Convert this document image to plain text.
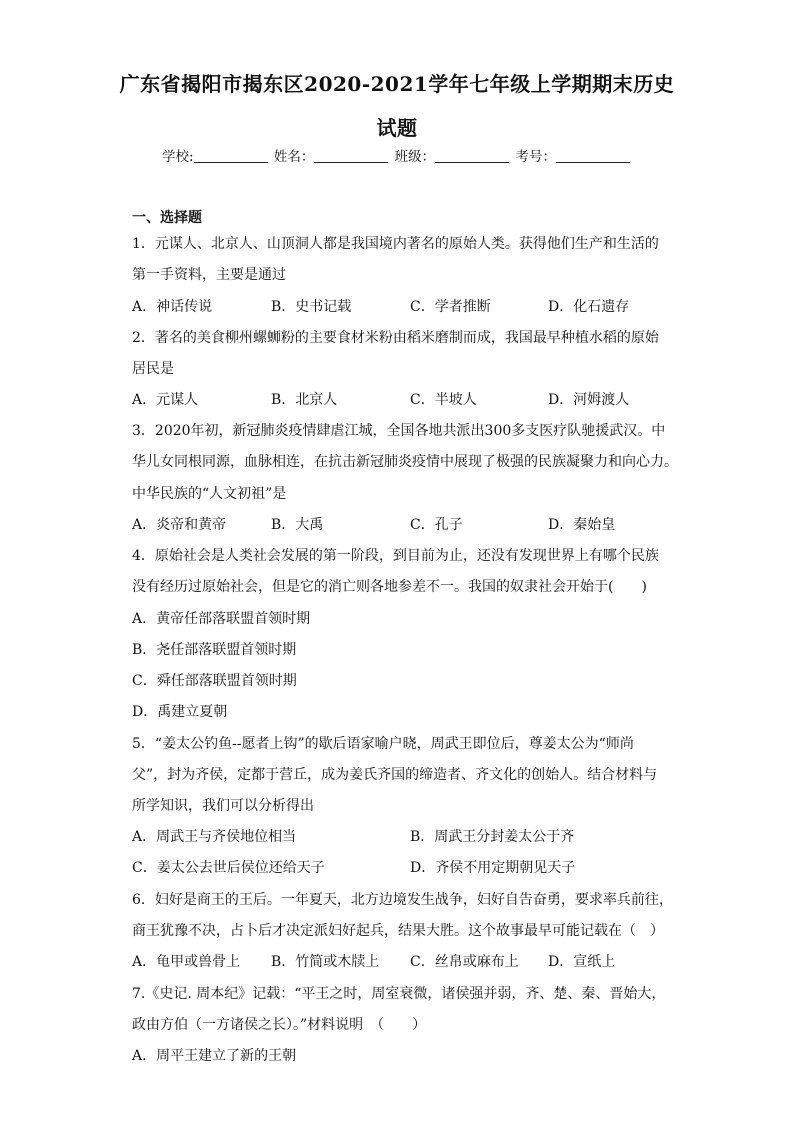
广东省揭阳市揭东区2020-2021学年七年级上学期期末历史
试题
学校:	姓名：	班级：	考号：
一、选择题
1．元谋人、北京人、山顶洞人都是我国境内著名的原始人类。获得他们生产和生活的
第一手资料，主要是通过
A．神话传说	B．史书记载	C．学者推断	D．化石遗存
2．著名的美食柳州螺蛳粉的主要食材米粉由稻米磨制而成，我国最早种植水稻的原始
居民是
A．元谋人	B．北京人	C．半坡人	D．河姆渡人
3．2020年初，新冠肺炎疫情肆虐江城，全国各地共派出300多支医疗队驰援武汉。中
华儿女同根同源，血脉相连，在抗击新冠肺炎疫情中展现了极强的民族凝聚力和向心力。
中华民族的“人文初祖”是
A．炎帝和黄帝	B．大禹	C．孔子	D．秦始皇
4．原始社会是人类社会发展的第一阶段，到目前为止，还没有发现世界上有哪个民族
没有经历过原始社会，但是它的消亡则各地参差不一。我国的奴隶社会开始于(　　)
A．黄帝任部落联盟首领时期
B．尧任部落联盟首领时期
C．舜任部落联盟首领时期
D．禹建立夏朝
5．“姜太公钓鱼--愿者上钩”的歇后语家喻户晓，周武王即位后，尊姜太公为“师尚
父”，封为齐侯，定都于营丘，成为姜氏齐国的缔造者、齐文化的创始人。结合材料与
所学知识，我们可以分析得出
A．周武王与齐侯地位相当	B．周武王分封姜太公于齐
C．姜太公去世后侯位还给天子	D．齐侯不用定期朝见天子
6．妇好是商王的王后。一年夏天，北方边境发生战争，妇好自告奋勇，要求率兵前往，
商王犹豫不决，占卜后才决定派妇好起兵，结果大胜。这个故事最早可能记载在（　）
A．龟甲或兽骨上 B．竹简或木牍上 C．丝帛或麻布上 D．宣纸上
7.《史记. 周本纪》记载：“平王之时，周室衰微，诸侯强并弱，齐、楚、秦、晋始大，
政由方伯（一方诸侯之长）。”材料说明　（　　）
A．周平王建立了新的王朝
